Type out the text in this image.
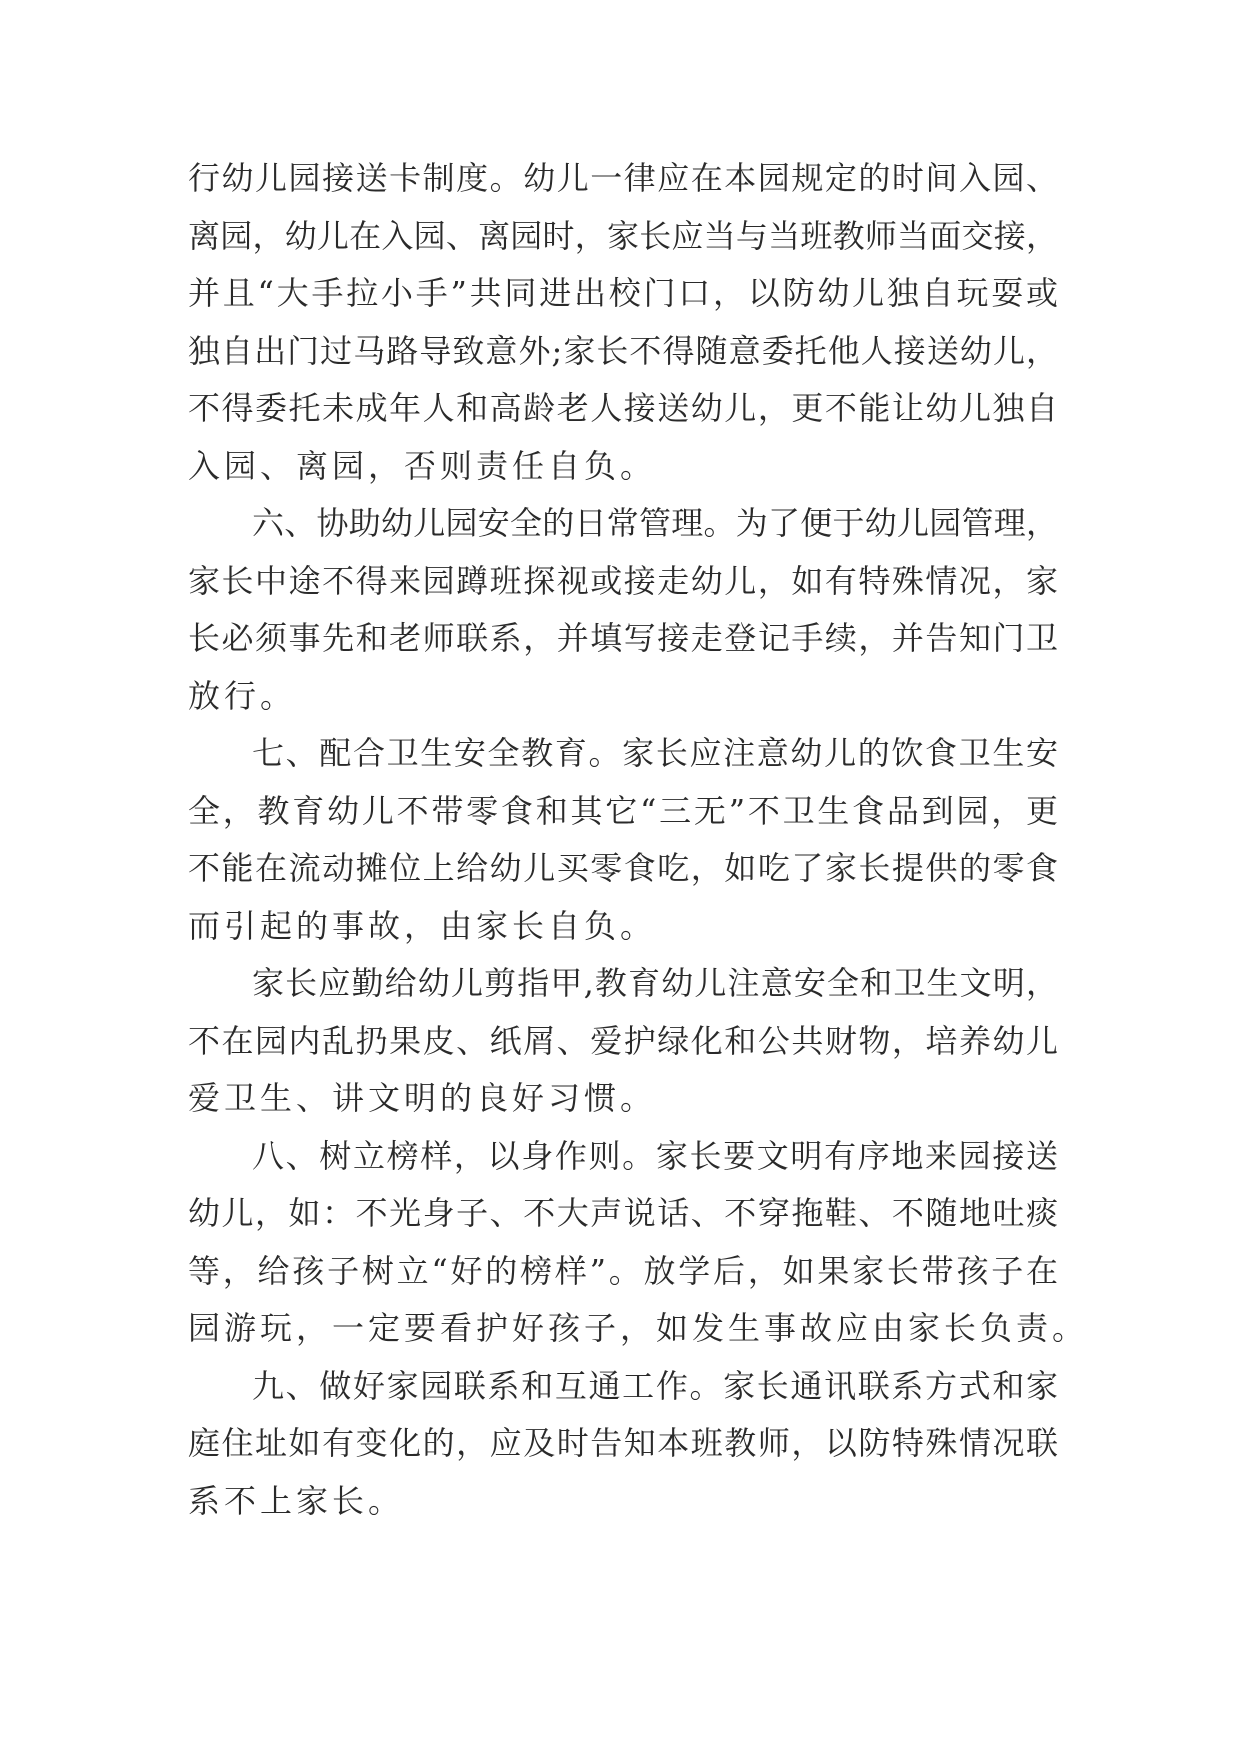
行幼儿园接送卡制度。幼儿一律应在本园规定的时间入园、
离园，幼儿在入园、离园时，家长应当与当班教师当面交接，
并且“大手拉小手”共同进出校门口，以防幼儿独自玩耍或
独自出门过马路导致意外;家长不得随意委托他人接送幼儿，
不得委托未成年人和高龄老人接送幼儿，更不能让幼儿独自
入园、离园，否则责任自负。
六、协助幼儿园安全的日常管理。为了便于幼儿园管理，
家长中途不得来园蹲班探视或接走幼儿，如有特殊情况，家
长必须事先和老师联系，并填写接走登记手续，并告知门卫
放行。
七、配合卫生安全教育。家长应注意幼儿的饮食卫生安
全，教育幼儿不带零食和其它“三无”不卫生食品到园，更
不能在流动摊位上给幼儿买零食吃，如吃了家长提供的零食
而引起的事故，由家长自负。
家长应勤给幼儿剪指甲,教育幼儿注意安全和卫生文明，
不在园内乱扔果皮、纸屑、爱护绿化和公共财物，培养幼儿
爱卫生、讲文明的良好习惯。
八、树立榜样，以身作则。家长要文明有序地来园接送
幼儿，如：不光身子、不大声说话、不穿拖鞋、不随地吐痰
等，给孩子树立“好的榜样”。放学后，如果家长带孩子在
园游玩，一定要看护好孩子，如发生事故应由家长负责。
九、做好家园联系和互通工作。家长通讯联系方式和家
庭住址如有变化的，应及时告知本班教师，以防特殊情况联
系不上家长。
